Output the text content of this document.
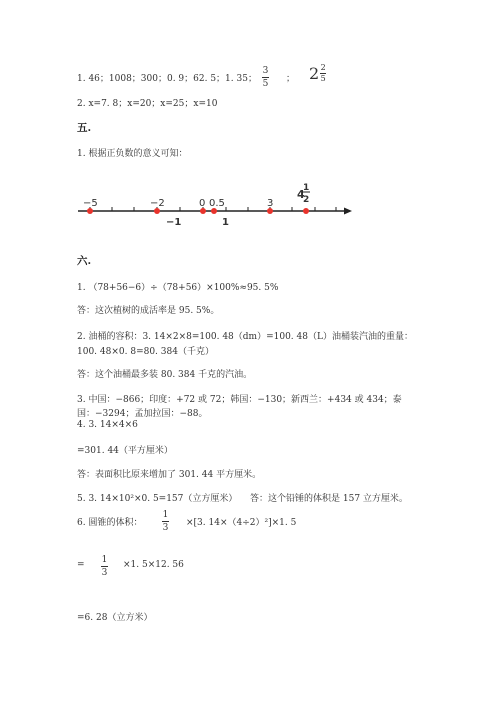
1. 46；1008；300；0. 9；62. 5；1. 35；
3
5 ； 2 2
5
2. x=7. 8；x=20；x=25；x=10
五.
1. 根据正负数的意义可知：
−5	−2	0 0.5	3
−1	1
4
1
2
六.
1. （78+56−6）÷（78+56）×100%≈95. 5%
答：这次植树的成活率是 95. 5%。
2. 油桶的容积：3. 14×2×8=100. 48（dm）=100. 48（L）油桶装汽油的重量：
100. 48×0. 8=80. 384（千克）
答：这个油桶最多装 80. 384 千克的汽油。
3. 中国：−866；印度：+72 或 72；韩国：−130；新西兰：+434 或 434；泰
国：−3294；孟加拉国：−88。
4. 3. 14×4×6
=301. 44（平方厘米）
答：表面积比原来增加了 301. 44 平方厘米。
5. 3. 14×10²×0. 5=157（立方厘米） 答：这个铅锤的体积是 157 立方厘米。
6. 圆锥的体积：
1
3 ×[3. 14×（4÷2）²]×1. 5
= 1
3
×1. 5×12. 56
=6. 28（立方米）
